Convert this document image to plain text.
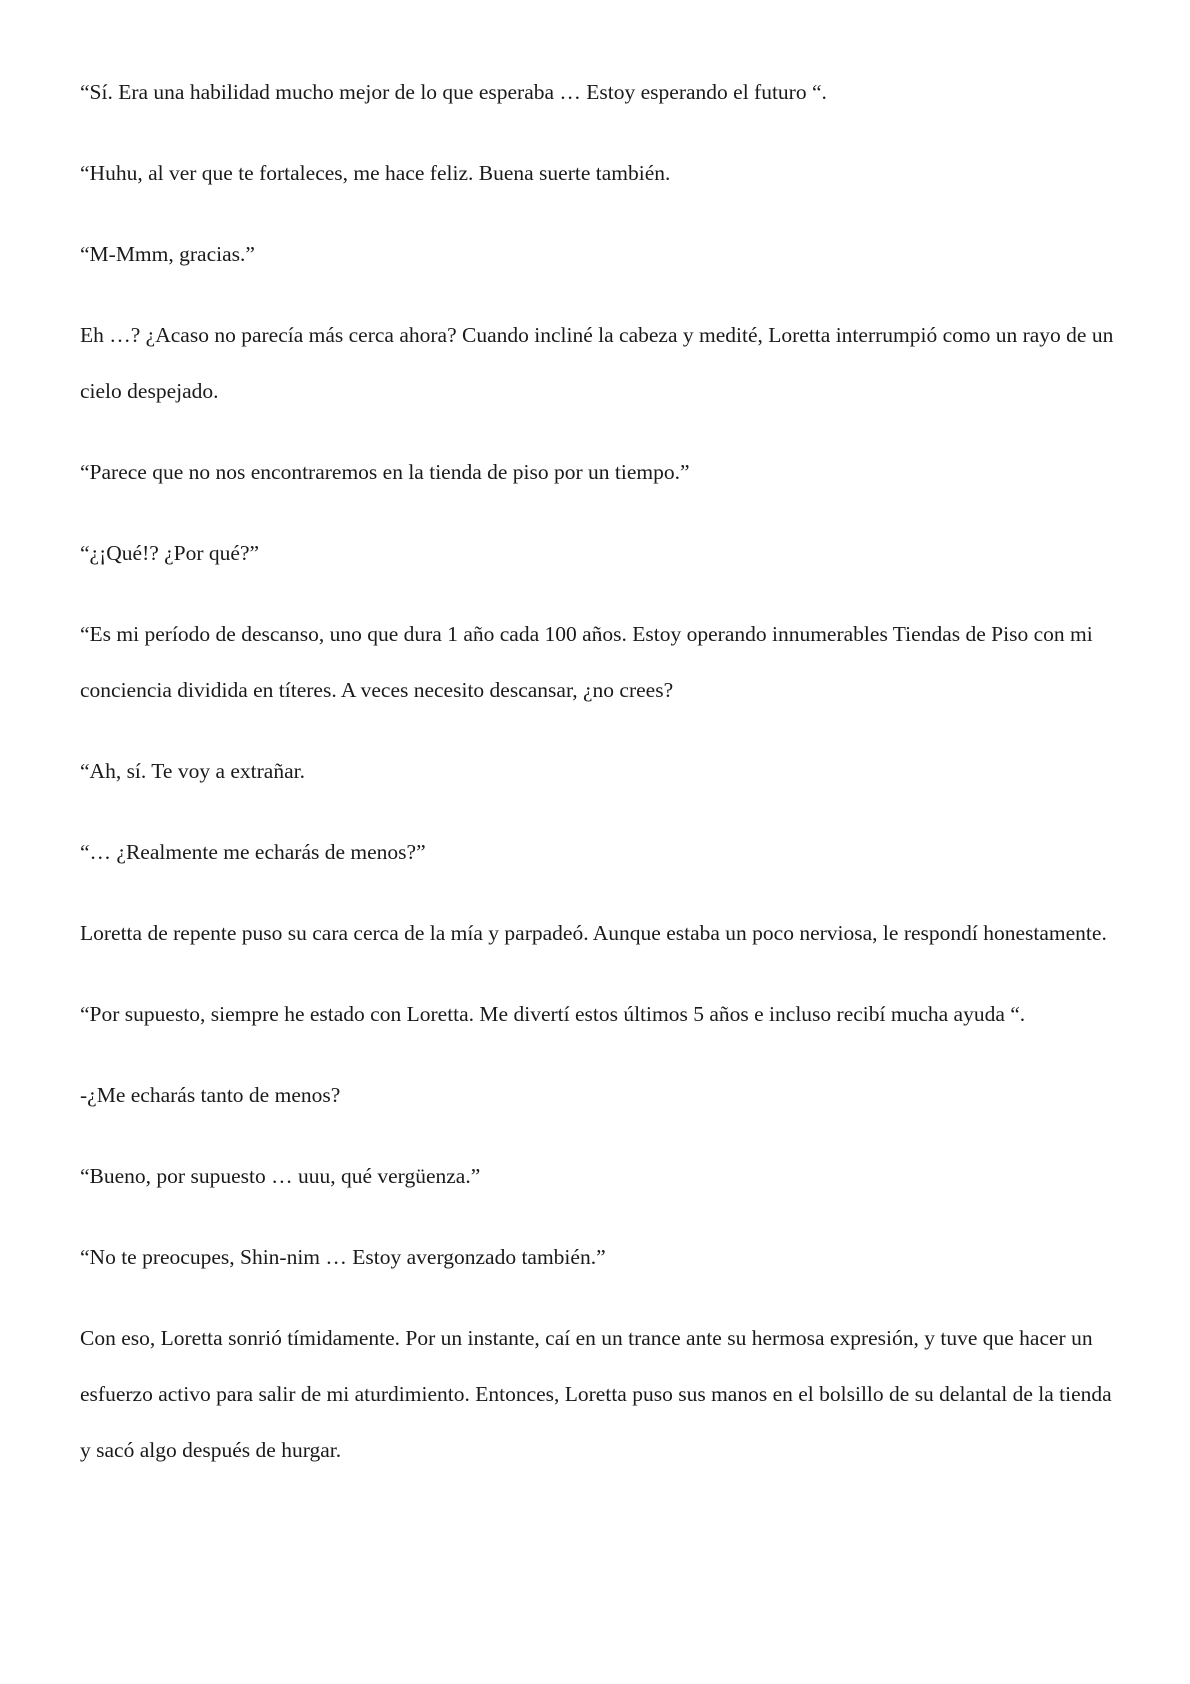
“Sí. Era una habilidad mucho mejor de lo que esperaba … Estoy esperando el futuro “.

“Huhu, al ver que te fortaleces, me hace feliz. Buena suerte también.

“M-Mmm, gracias.”

Eh …? ¿Acaso no parecía más cerca ahora? Cuando incliné la cabeza y medité, Loretta interrumpió como un rayo de un cielo despejado.

“Parece que no nos encontraremos en la tienda de piso por un tiempo.”

“¿¡Qué!? ¿Por qué?”

“Es mi período de descanso, uno que dura 1 año cada 100 años. Estoy operando innumerables Tiendas de Piso con mi conciencia dividida en títeres. A veces necesito descansar, ¿no crees?

“Ah, sí. Te voy a extrañar.

“… ¿Realmente me echarás de menos?”

Loretta de repente puso su cara cerca de la mía y parpadeó. Aunque estaba un poco nerviosa, le respondí honestamente.

“Por supuesto, siempre he estado con Loretta. Me divertí estos últimos 5 años e incluso recibí mucha ayuda “.

-¿Me echarás tanto de menos?

“Bueno, por supuesto … uuu, qué vergüenza.”

“No te preocupes, Shin-nim … Estoy avergonzado también.”

Con eso, Loretta sonrió tímidamente. Por un instante, caí en un trance ante su hermosa expresión, y tuve que hacer un esfuerzo activo para salir de mi aturdimiento. Entonces, Loretta puso sus manos en el bolsillo de su delantal de la tienda y sacó algo después de hurgar.
